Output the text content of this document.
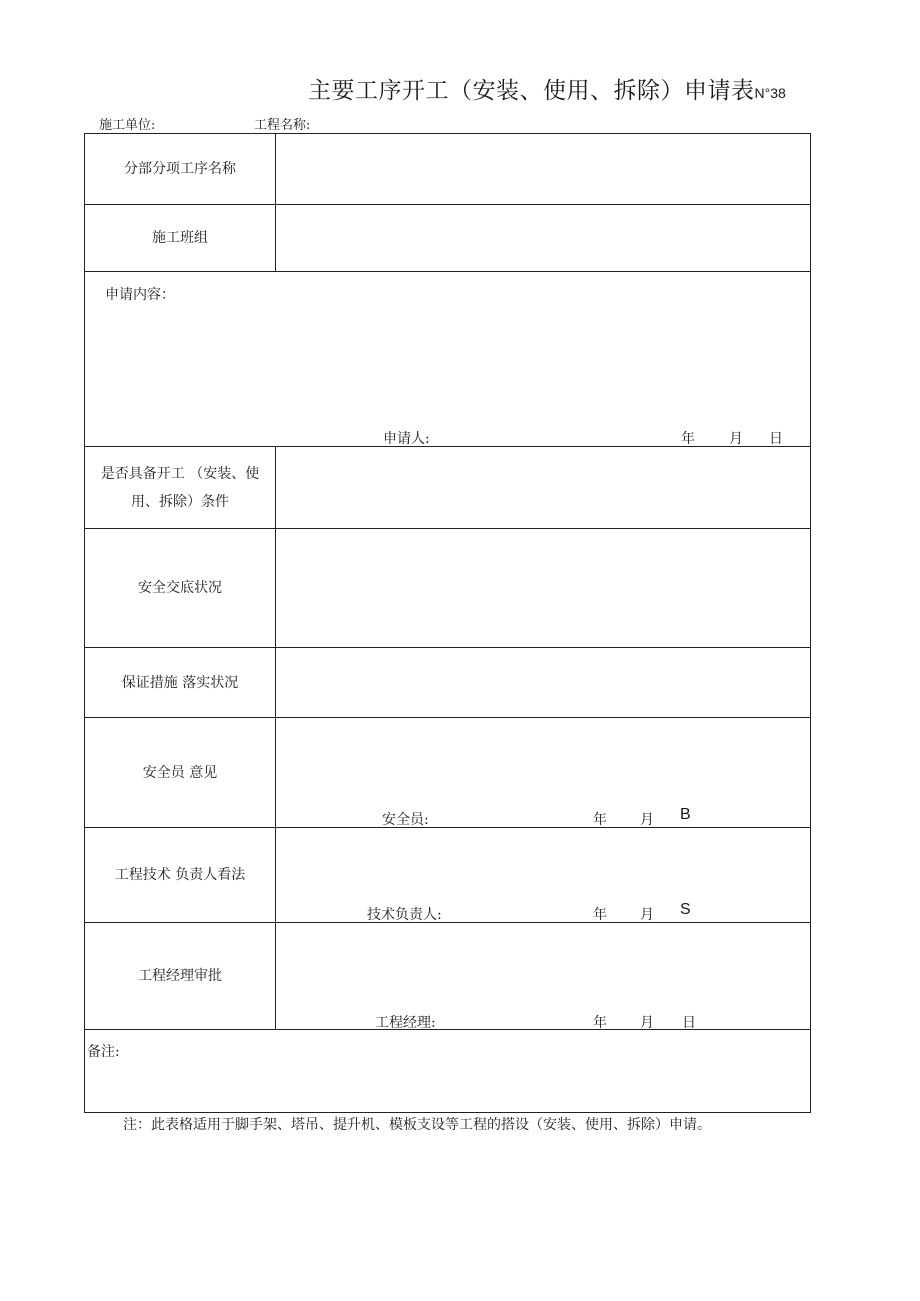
主要工序开工（安装、使用、拆除）申请表N°38
施工单位:	工程名称:
分部分项工序名称
施工班组
申请内容：
申请人:	年 月 日
是否具备开工 （安装、使用、拆除）条件
安全交底状况
保证措施 落实状况
安全员 意见
安全员:	年 月 B
工程技术 负责人看法
技术负责人:	年 月 S
工程经理审批
工程经理:	年 月 日
备注:
注：此表格适用于脚手架、塔吊、提升机、模板支设等工程的搭设（安装、使用、拆除）申请。
